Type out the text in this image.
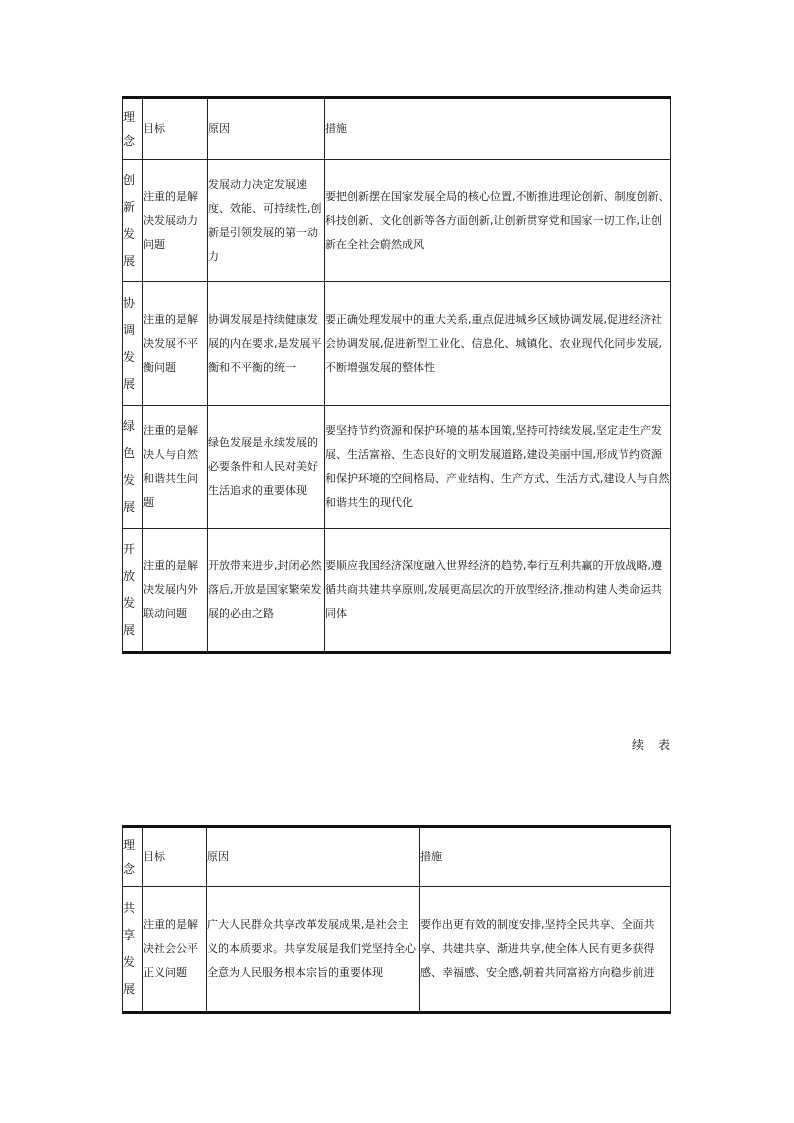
理念	目标	原因	措施

创新发展	注重的是解决发展动力问题	发展动力决定发展速度、效能、可持续性,创新是引领发展的第一动力	要把创新摆在国家发展全局的核心位置,不断推进理论创新、制度创新、科技创新、文化创新等各方面创新,让创新贯穿党和国家一切工作,让创新在全社会蔚然成风

协调发展	注重的是解决发展不平衡问题	协调发展是持续健康发展的内在要求,是发展平衡和不平衡的统一	要正确处理发展中的重大关系,重点促进城乡区域协调发展,促进经济社会协调发展,促进新型工业化、信息化、城镇化、农业现代化同步发展,不断增强发展的整体性

绿色发展	注重的是解决人与自然和谐共生问题	绿色发展是永续发展的必要条件和人民对美好生活追求的重要体现	要坚持节约资源和保护环境的基本国策,坚持可持续发展,坚定走生产发展、生活富裕、生态良好的文明发展道路,建设美丽中国,形成节约资源和保护环境的空间格局、产业结构、生产方式、生活方式,建设人与自然和谐共生的现代化

开放发展	注重的是解决发展内外联动问题	开放带来进步,封闭必然落后,开放是国家繁荣发展的必由之路	要顺应我国经济深度融入世界经济的趋势,奉行互利共赢的开放战略,遵循共商共建共享原则,发展更高层次的开放型经济,推动构建人类命运共同体
续表
理念	目标	原因	措施

共享发展	注重的是解决社会公平正义问题	广大人民群众共享改革发展成果,是社会主义的本质要求。共享发展是我们党坚持全心全意为人民服务根本宗旨的重要体现	要作出更有效的制度安排,坚持全民共享、全面共享、共建共享、渐进共享,使全体人民有更多获得感、幸福感、安全感,朝着共同富裕方向稳步前进
